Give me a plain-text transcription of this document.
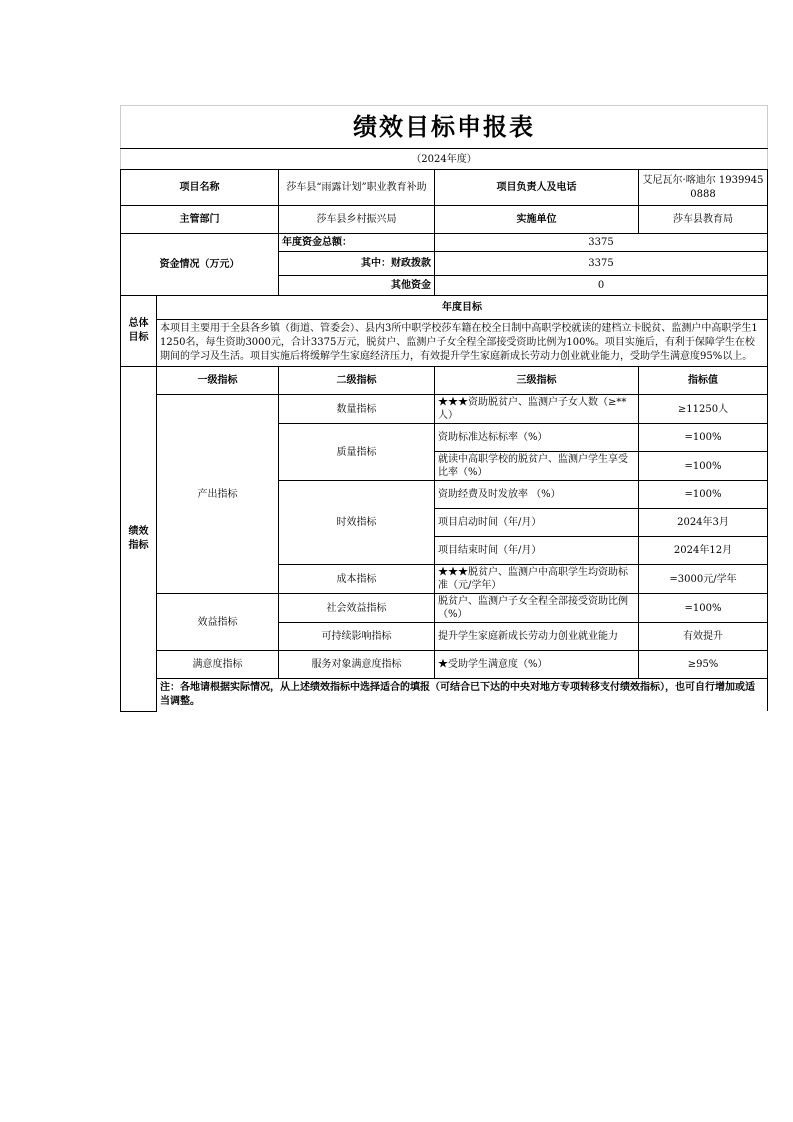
绩效目标申报表				
（2024年度）				
项目名称		莎车县“雨露计划”职业教育补助	项目负责人及电话	艾尼瓦尔·喀迪尔 19399450888
主管部门		莎车县乡村振兴局	实施单位	莎车县教育局
资金情况（万元）		年度资金总额：	3375	
		其中：财政拨款	3375	
		其他资金	0	
总体目标	年度目标			
	本项目主要用于全县各乡镇（街道、管委会）、县内3所中职学校莎车籍在校全日制中高职学校就读的建档立卡脱贫、监测户中高职学生11250名，每生资助3000元，合计3375万元，脱贫户、监测户子女全程全部接受资助比例为100%。项目实施后，有利于保障学生在校期间的学习及生活。项目实施后将缓解学生家庭经济压力，有效提升学生家庭新成长劳动力创业就业能力，受助学生满意度95%以上。			
绩效指标	一级指标	二级指标	三级指标	指标值
	产出指标	数量指标	★★★资助脱贫户、监测户子女人数（≥**人）	≥11250人
		质量指标	资助标准达标标率（%）	=100%
			就读中高职学校的脱贫户、监测户学生享受比率（%）	=100%
		时效指标	资助经费及时发放率 （%）	=100%
			项目启动时间（年/月）	2024年3月
			项目结束时间（年/月）	2024年12月
		成本指标	★★★脱贫户、监测户中高职学生均资助标准（元/学年）	=3000元/学年
	效益指标	社会效益指标	脱贫户、监测户子女全程全部接受资助比例（%）	=100%
		可持续影响指标	提升学生家庭新成长劳动力创业就业能力	有效提升
	满意度指标	服务对象满意度指标	★受助学生满意度（%）	≥95%
	注：各地请根据实际情况，从上述绩效指标中选择适合的填报（可结合已下达的中央对地方专项转移支付绩效指标），也可自行增加或适当调整。			
